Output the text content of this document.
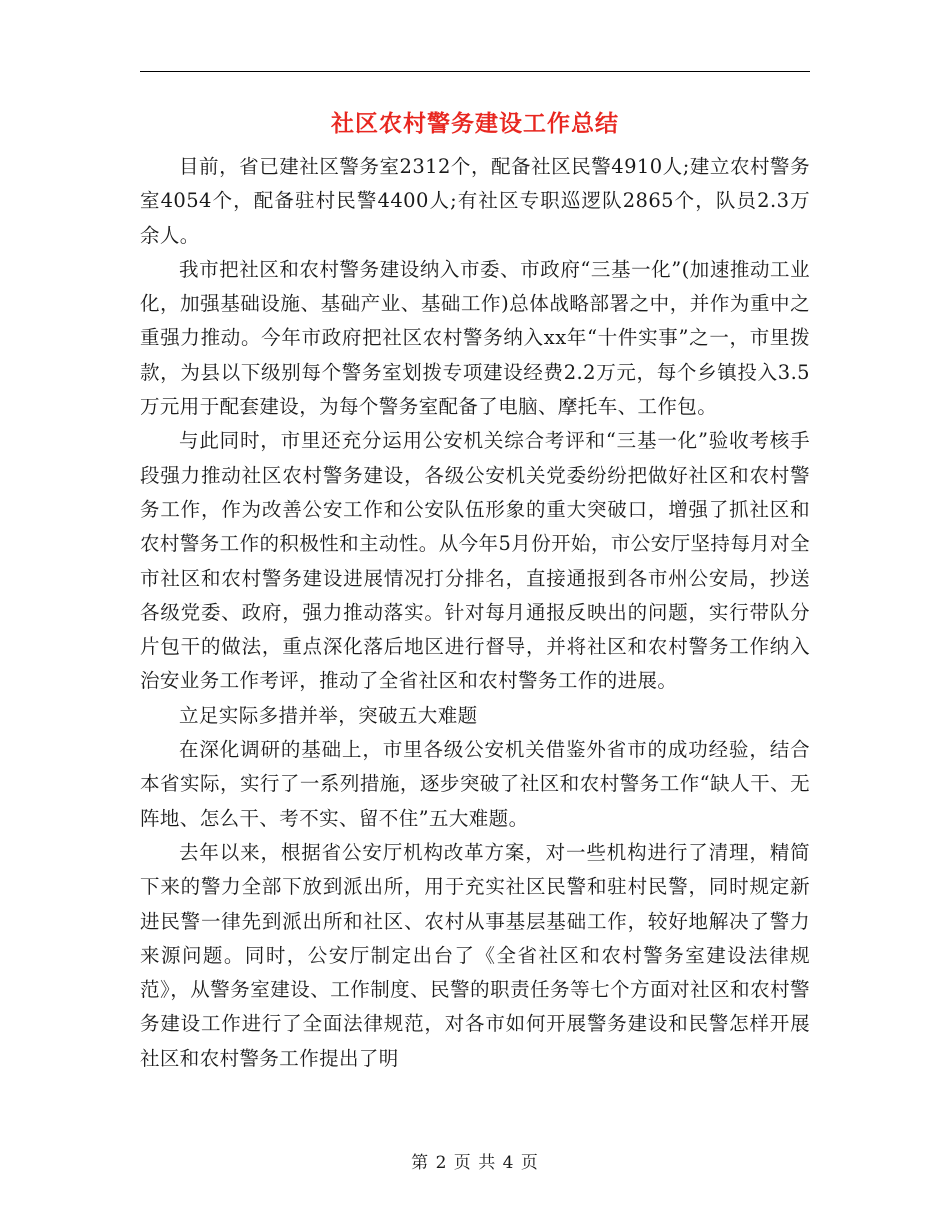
社区农村警务建设工作总结

目前，省已建社区警务室2312个，配备社区民警4910人;建立农村警务室4054个，配备驻村民警4400人;有社区专职巡逻队2865个，队员2.3万余人。

我市把社区和农村警务建设纳入市委、市政府“三基一化”(加速推动工业化，加强基础设施、基础产业、基础工作)总体战略部署之中，并作为重中之重强力推动。今年市政府把社区农村警务纳入xx年“十件实事”之一，市里拨款，为县以下级别每个警务室划拨专项建设经费2.2万元，每个乡镇投入3.5万元用于配套建设，为每个警务室配备了电脑、摩托车、工作包。

与此同时，市里还充分运用公安机关综合考评和“三基一化”验收考核手段强力推动社区农村警务建设，各级公安机关党委纷纷把做好社区和农村警务工作，作为改善公安工作和公安队伍形象的重大突破口，增强了抓社区和农村警务工作的积极性和主动性。从今年5月份开始，市公安厅坚持每月对全市社区和农村警务建设进展情况打分排名，直接通报到各市州公安局，抄送各级党委、政府，强力推动落实。针对每月通报反映出的问题，实行带队分片包干的做法，重点深化落后地区进行督导，并将社区和农村警务工作纳入治安业务工作考评，推动了全省社区和农村警务工作的进展。

立足实际多措并举，突破五大难题

在深化调研的基础上，市里各级公安机关借鉴外省市的成功经验，结合本省实际，实行了一系列措施，逐步突破了社区和农村警务工作“缺人干、无阵地、怎么干、考不实、留不住”五大难题。

去年以来，根据省公安厅机构改革方案，对一些机构进行了清理，精简下来的警力全部下放到派出所，用于充实社区民警和驻村民警，同时规定新进民警一律先到派出所和社区、农村从事基层基础工作，较好地解决了警力来源问题。同时，公安厅制定出台了《全省社区和农村警务室建设法律规范》，从警务室建设、工作制度、民警的职责任务等七个方面对社区和农村警务建设工作进行了全面法律规范，对各市如何开展警务建设和民警怎样开展社区和农村警务工作提出了明

第 2 页 共 4 页
